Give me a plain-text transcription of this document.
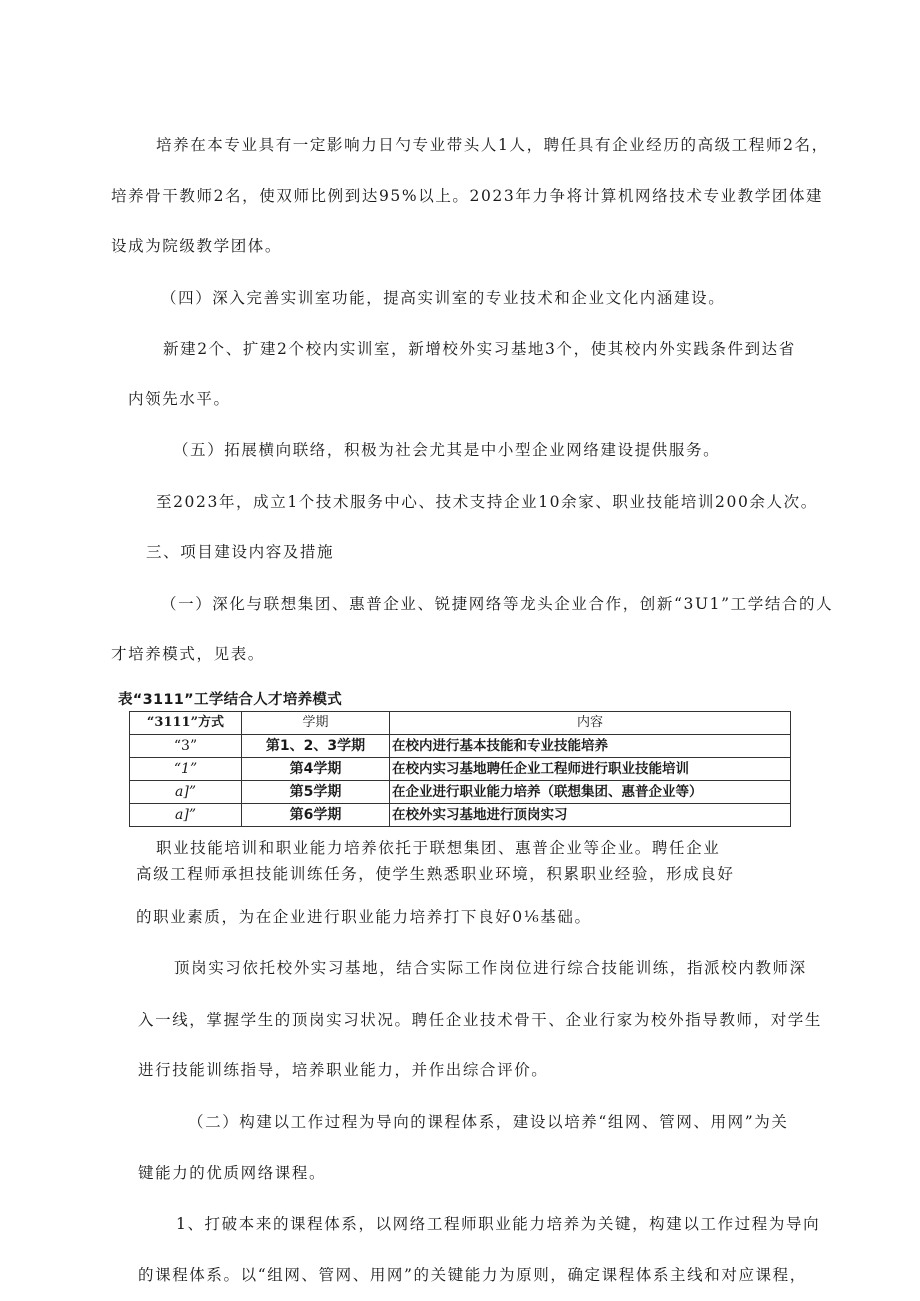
培养在本专业具有一定影响力日勺专业带头人1人，聘任具有企业经历的高级工程师2名，
培养骨干教师2名，使双师比例到达95%以上。2023年力争将计算机网络技术专业教学团体建
设成为院级教学团体。
（四）深入完善实训室功能，提高实训室的专业技术和企业文化内涵建设。
新建2个、扩建2个校内实训室，新增校外实习基地3个，使其校内外实践条件到达省
内领先水平。
（五）拓展横向联络，积极为社会尤其是中小型企业网络建设提供服务。
至2023年，成立1个技术服务中心、技术支持企业10余家、职业技能培训200余人次。
三、项目建设内容及措施
（一）深化与联想集团、惠普企业、锐捷网络等龙头企业合作，创新“3U1”工学结合的人
才培养模式，见表。
表“3111”工学结合人才培养模式
“3111”方式	学期	内容
“3”	第1、2、3学期	在校内进行基本技能和专业技能培养
“1”	第4学期	在校内实习基地聘任企业工程师进行职业技能培训
a]”	第5学期	在企业进行职业能力培养（联想集团、惠普企业等）
a]”	第6学期	在校外实习基地进行顶岗实习
职业技能培训和职业能力培养依托于联想集团、惠普企业等企业。聘任企业
高级工程师承担技能训练任务，使学生熟悉职业环境，积累职业经验，形成良好
的职业素质，为在企业进行职业能力培养打下良好0⅙基础。
顶岗实习依托校外实习基地，结合实际工作岗位进行综合技能训练，指派校内教师深
入一线，掌握学生的顶岗实习状况。聘任企业技术骨干、企业行家为校外指导教师，对学生
进行技能训练指导，培养职业能力，并作出综合评价。
（二）构建以工作过程为导向的课程体系，建设以培养“组网、管网、用网”为关
键能力的优质网络课程。
1、打破本来的课程体系，以网络工程师职业能力培养为关键，构建以工作过程为导向
的课程体系。以“组网、管网、用网”的关键能力为原则，确定课程体系主线和对应课程，
